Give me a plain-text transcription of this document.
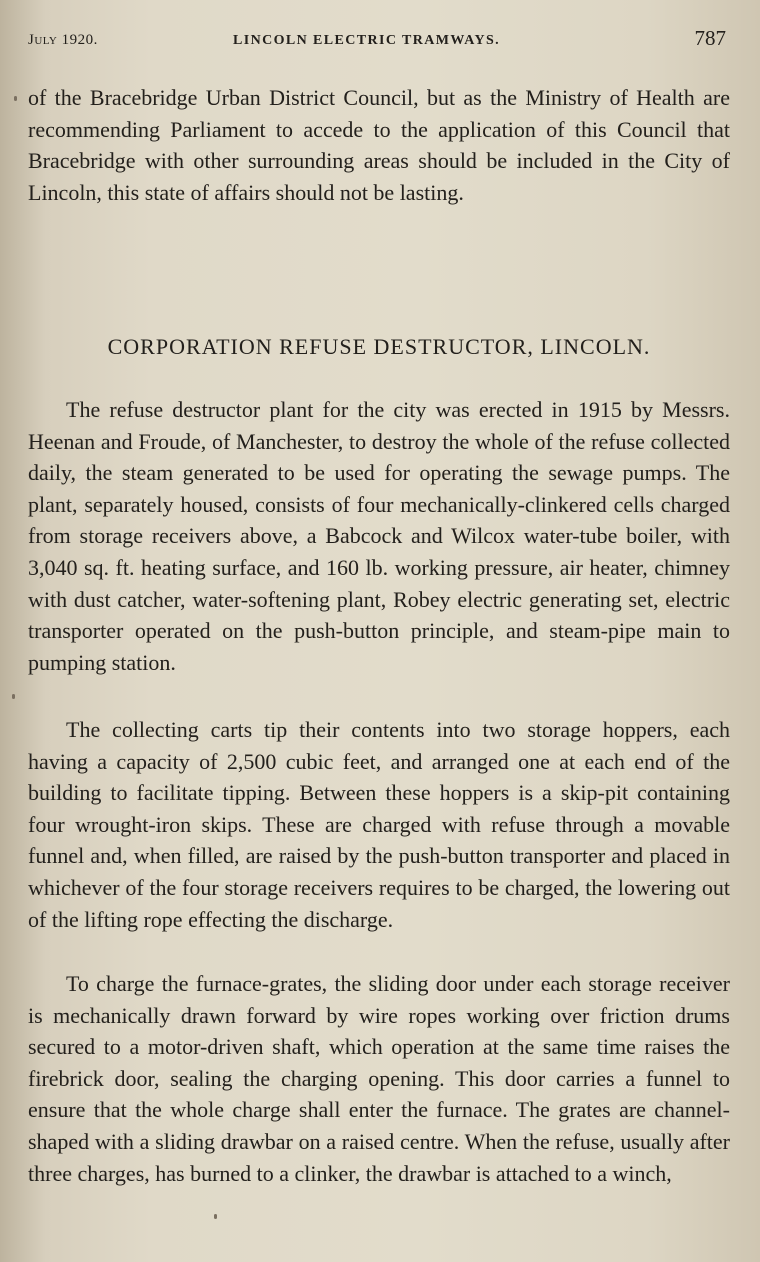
July 1920.	LINCOLN ELECTRIC TRAMWAYS.	787

of the Bracebridge Urban District Council, but as the Ministry of Health are recommending Parliament to accede to the application of this Council that Bracebridge with other surrounding areas should be included in the City of Lincoln, this state of affairs should not be lasting.

CORPORATION REFUSE DESTRUCTOR, LINCOLN.

The refuse destructor plant for the city was erected in 1915 by Messrs. Heenan and Froude, of Manchester, to destroy the whole of the refuse collected daily, the steam generated to be used for operating the sewage pumps. The plant, separately housed, consists of four mechanically-clinkered cells charged from storage receivers above, a Babcock and Wilcox water-tube boiler, with 3,040 sq. ft. heating surface, and 160 lb. working pressure, air heater, chimney with dust catcher, water-softening plant, Robey electric generating set, electric transporter operated on the push-button principle, and steam-pipe main to pumping station.

The collecting carts tip their contents into two storage hoppers, each having a capacity of 2,500 cubic feet, and arranged one at each end of the building to facilitate tipping. Between these hoppers is a skip-pit containing four wrought-iron skips. These are charged with refuse through a movable funnel and, when filled, are raised by the push-button transporter and placed in whichever of the four storage receivers requires to be charged, the lowering out of the lifting rope effecting the discharge.

To charge the furnace-grates, the sliding door under each storage receiver is mechanically drawn forward by wire ropes working over friction drums secured to a motor-driven shaft, which operation at the same time raises the firebrick door, sealing the charging opening. This door carries a funnel to ensure that the whole charge shall enter the furnace. The grates are channel-shaped with a sliding drawbar on a raised centre. When the refuse, usually after three charges, has burned to a clinker, the drawbar is attached to a winch,
